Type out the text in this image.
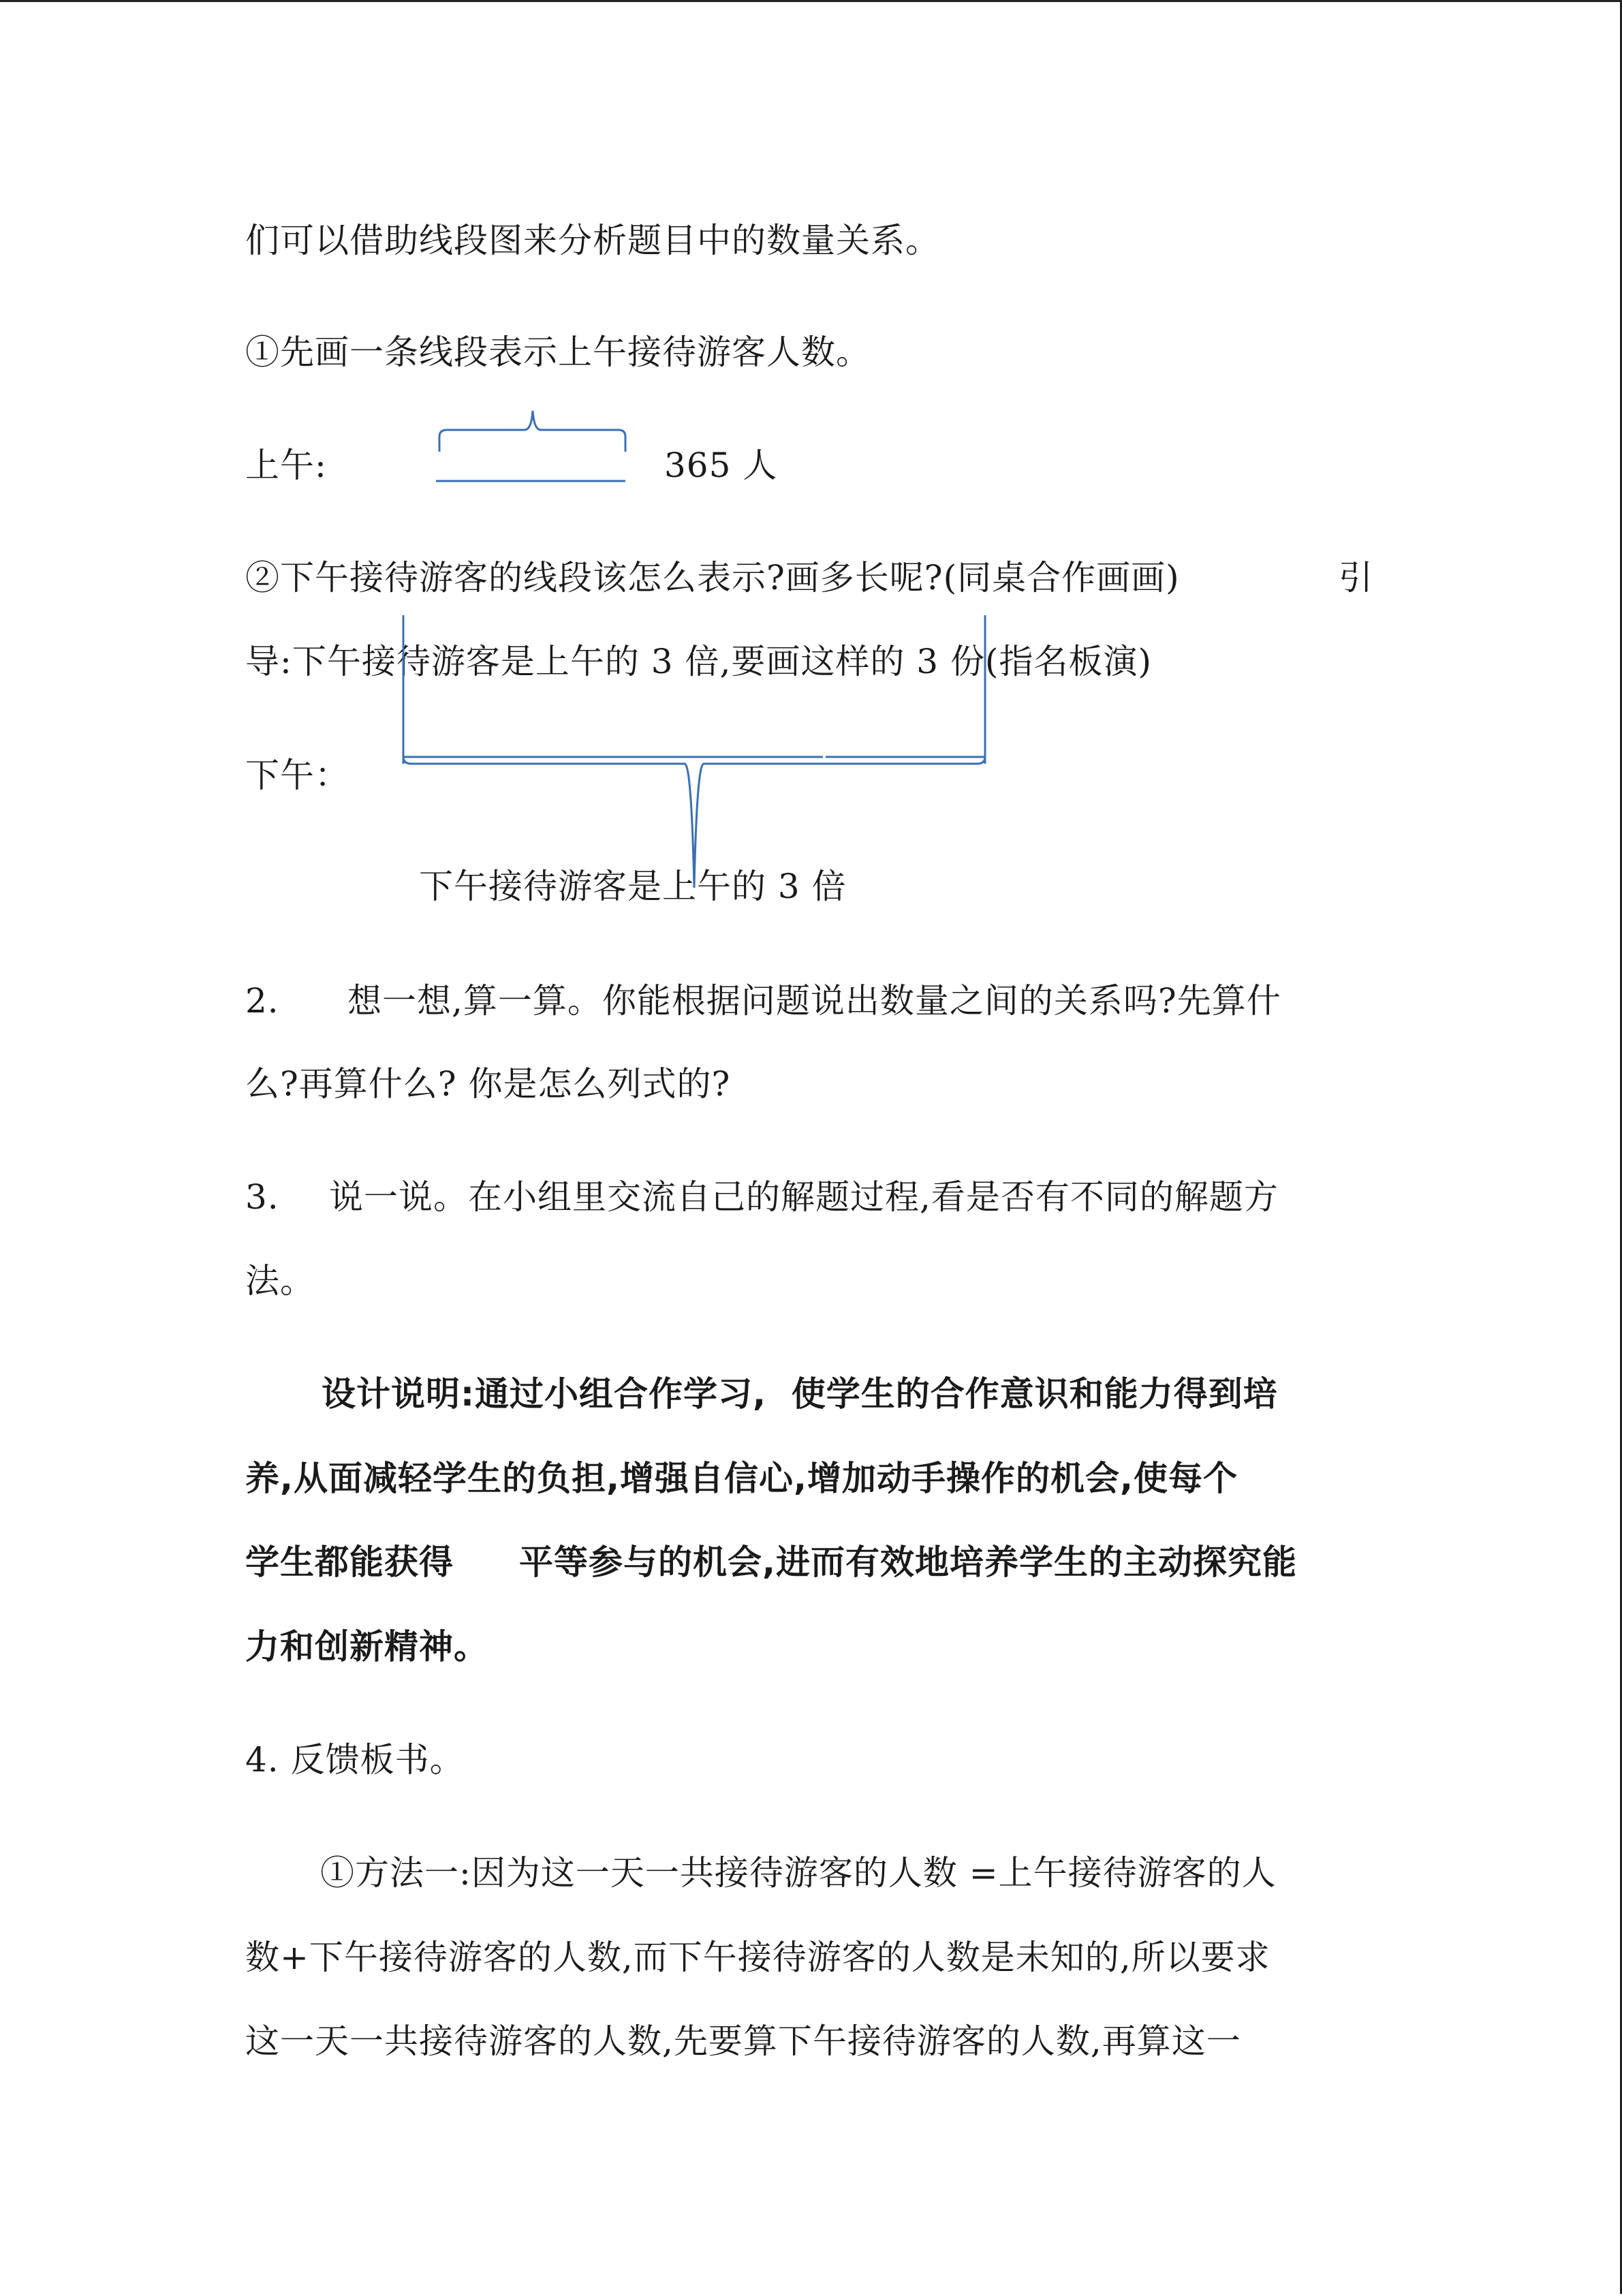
们可以借助线段图来分析题目中的数量关系。
①先画一条线段表示上午接待游客人数。
上午:	365 人
②下午接待游客的线段该怎么表示?画多长呢?(同桌合作画画)	引
导:下午接待游客是上午的 3 倍,要画这样的 3 份(指名板演)
下午：
下午接待游客是上午的 3 倍
2. 想一想,算一算。你能根据问题说出数量之间的关系吗?先算什
么?再算什么? 你是怎么列式的?
3. 说一说。在小组里交流自己的解题过程,看是否有不同的解题方
法。
设计说明:通过小组合作学习,  使学生的合作意识和能力得到培
养,从面减轻学生的负担,增强自信心,增加动手操作的机会,使每个
学生都能获得 平等参与的机会,进而有效地培养学生的主动探究能
力和创新精神。
4. 反馈板书。
①方法一:因为这一天一共接待游客的人数 =上午接待游客的人
数+下午接待游客的人数,而下午接待游客的人数是未知的,所以要求
这一天一共接待游客的人数,先要算下午接待游客的人数,再算这一
